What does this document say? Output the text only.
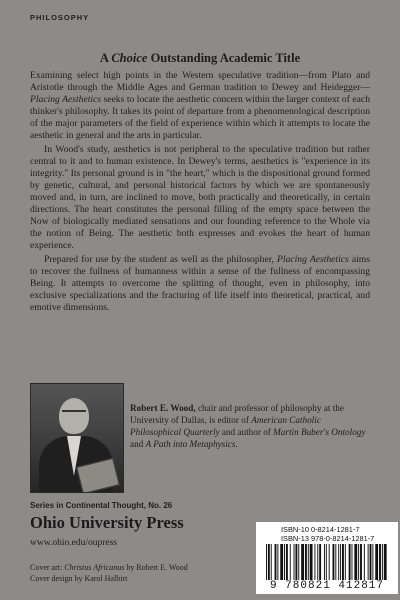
PHILOSOPHY
A Choice Outstanding Academic Title

Examining select high points in the Western speculative tradition—from Plato and Aristotle through the Middle Ages and German tradition to Dewey and Heidegger—Placing Aesthetics seeks to locate the aesthetic concern within the larger context of each thinker's philosophy. It takes its point of departure from a phenomenological description of the major parameters of the field of experience within which it attempts to locate the aesthetic in general and the arts in particular.

In Wood's study, aesthetics is not peripheral to the speculative tradition but rather central to it and to human existence. In Dewey's terms, aesthetics is "experience in its integrity." Its personal ground is in "the heart," which is the dispositional ground formed by genetic, cultural, and personal historical factors by which we are spontaneously moved and, in turn, are inclined to move, both practically and theoretically, in certain directions. The heart constitutes the personal filling of the empty space between the Now of biologically mediated sensations and our founding reference to the Whole via the notion of Being. The aesthetic both expresses and evokes the heart of human experience.

Prepared for use by the student as well as the philosopher, Placing Aesthetics aims to recover the fullness of humanness within a sense of the fullness of encompassing Being. It attempts to overcome the splitting of thought, even in philosophy, into exclusive specializations and the fracturing of life itself into theoretical, practical, and emotive dimensions.

Robert E. Wood, chair and professor of philosophy at the University of Dallas, is editor of American Catholic Philosophical Quarterly and author of Martin Buber's Ontology and A Path into Metaphysics.
Series in Continental Thought, No. 26
Ohio University Press
www.ohio.edu/oupress
Cover art: Christus Africanus by Robert E. Wood
Cover design by Karol Halbirt
ISBN-10 0-8214-1281-7
ISBN-13 978-0-8214-1281-7
9 780821 412817
